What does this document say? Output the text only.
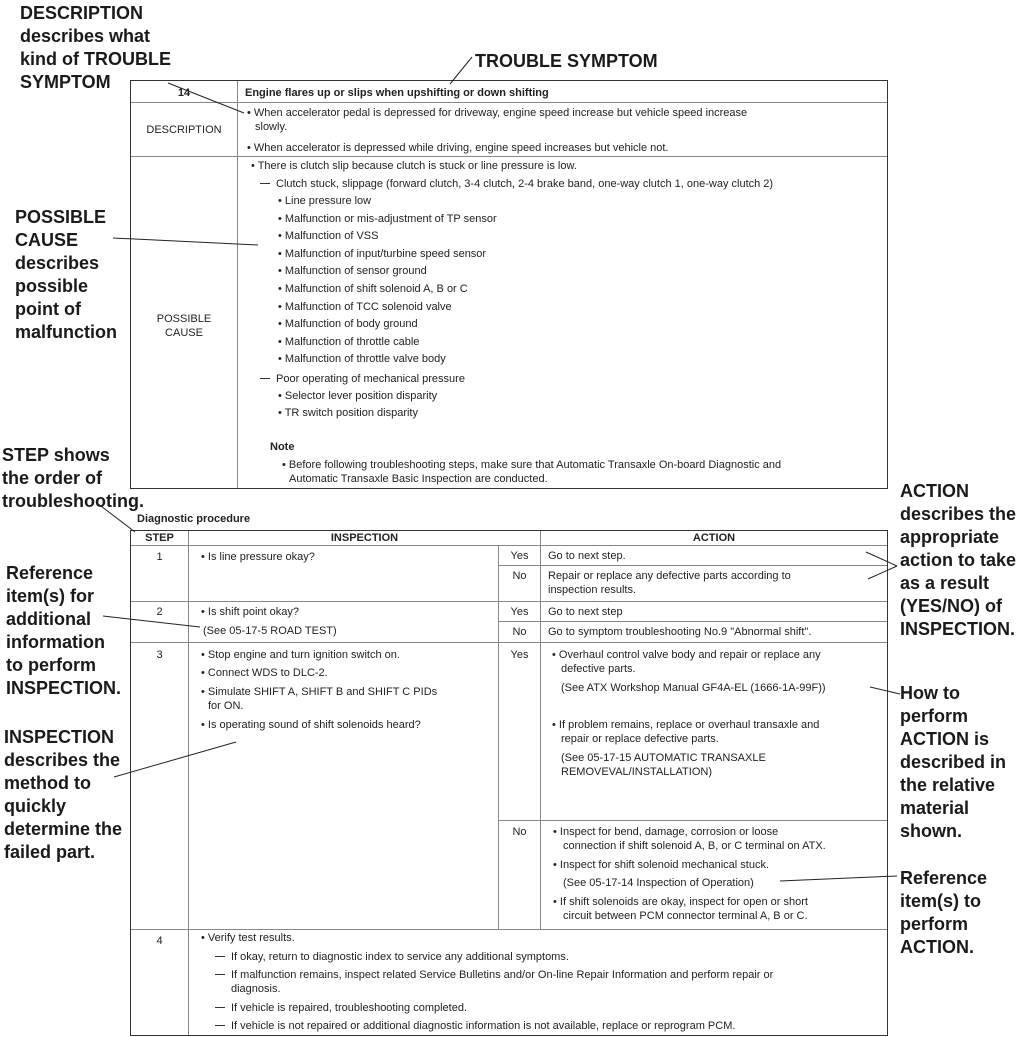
DESCRIPTION
describes what
kind of TROUBLE
SYMPTOM
TROUBLE SYMPTOM
POSSIBLE
CAUSE
describes
possible
point of
malfunction
STEP shows
the order of
troubleshooting.
Reference
item(s) for
additional
information
to perform
INSPECTION.
INSPECTION
describes the
method to
quickly
determine the
failed part.
ACTION
describes the
appropriate
action to take
as a result
(YES/NO) of
INSPECTION.
How to
perform
ACTION is
described in
the relative
material
shown.
Reference
item(s) to
perform
ACTION.
14	Engine flares up or slips when upshifting or down shifting
DESCRIPTION
• When accelerator pedal is depressed for driveway, engine speed increase but vehicle speed increase
slowly.
• When accelerator is depressed while driving, engine speed increases but vehicle not.
POSSIBLE
CAUSE
• There is clutch slip because clutch is stuck or line pressure is low.
Clutch stuck, slippage (forward clutch, 3-4 clutch, 2-4 brake band, one-way clutch 1, one-way clutch 2)
• Line pressure low
• Malfunction or mis-adjustment of TP sensor
• Malfunction of VSS
• Malfunction of input/turbine speed sensor
• Malfunction of sensor ground
• Malfunction of shift solenoid A, B or C
• Malfunction of TCC solenoid valve
• Malfunction of body ground
• Malfunction of throttle cable
• Malfunction of throttle valve body
Poor operating of mechanical pressure
• Selector lever position disparity
• TR switch position disparity
Note
• Before following troubleshooting steps, make sure that Automatic Transaxle On-board Diagnostic and
Automatic Transaxle Basic Inspection are conducted.
Diagnostic procedure
STEP	INSPECTION	ACTION
1	• Is line pressure okay?	Yes	Go to next step.
No	Repair or replace any defective parts according to
inspection results.
2	• Is shift point okay?
(See 05-17-5 ROAD TEST)
Yes	Go to next step
No	Go to symptom troubleshooting No.9 "Abnormal shift".
3	• Stop engine and turn ignition switch on.
• Connect WDS to DLC-2.
• Simulate SHIFT A, SHIFT B and SHIFT C PIDs
for ON.
• Is operating sound of shift solenoids heard?
Yes	• Overhaul control valve body and repair or replace any
defective parts.
(See ATX Workshop Manual GF4A-EL (1666-1A-99F))
• If problem remains, replace or overhaul transaxle and
repair or replace defective parts.
(See 05-17-15 AUTOMATIC TRANSAXLE
REMOVEVAL/INSTALLATION)
No	• Inspect for bend, damage, corrosion or loose
connection if shift solenoid A, B, or C terminal on ATX.
• Inspect for shift solenoid mechanical stuck.
(See 05-17-14 Inspection of Operation)
• If shift solenoids are okay, inspect for open or short
circuit between PCM connector terminal A, B or C.
4	• Verify test results.
If okay, return to diagnostic index to service any additional symptoms.
If malfunction remains, inspect related Service Bulletins and/or On-line Repair Information and perform repair or
diagnosis.
If vehicle is repaired, troubleshooting completed.
If vehicle is not repaired or additional diagnostic information is not available, replace or reprogram PCM.
